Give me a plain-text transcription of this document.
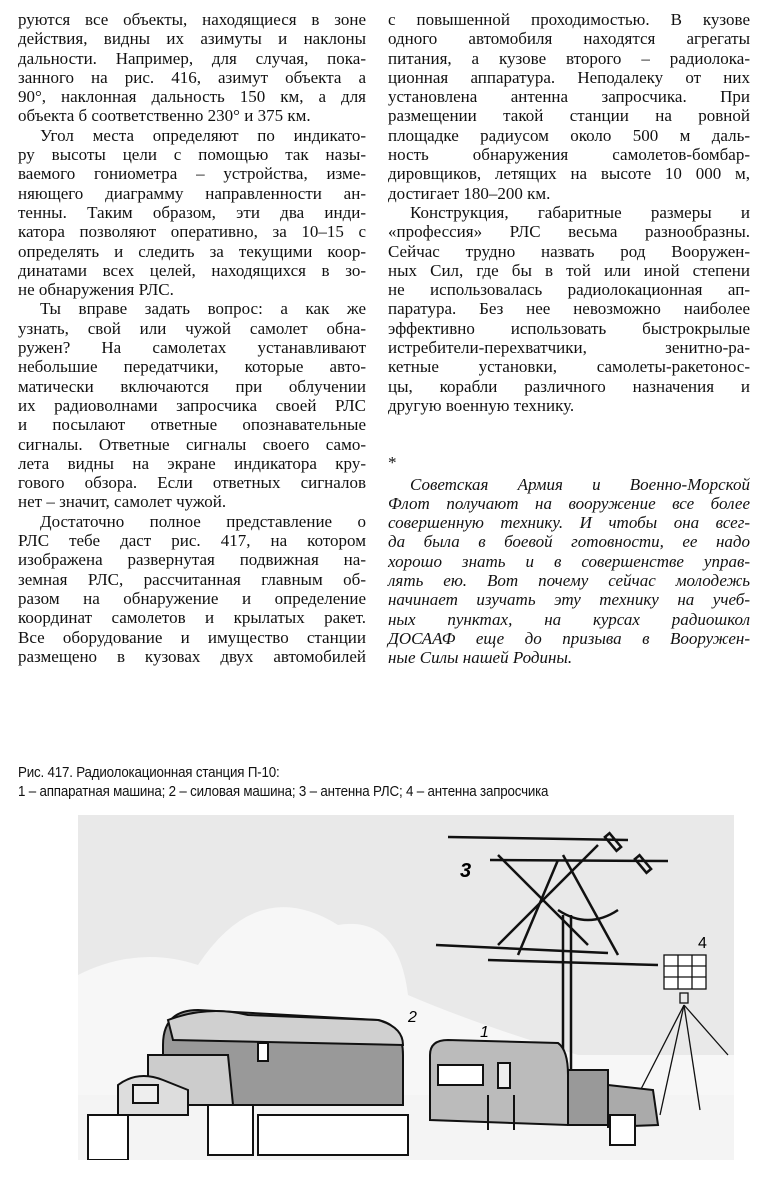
руются все объекты, находящиеся в зоне
действия, видны их азимуты и наклоны
дальности. Например, для случая, пока-
занного на рис. 416, азимут объекта а
90°, наклонная дальность 150 км, а для
объекта б соответственно 230° и 375 км.
Угол места определяют по индикато-
ру высоты цели с помощью так назы-
ваемого гониометра – устройства, изме-
няющего диаграмму направленности ан-
тенны. Таким образом, эти два инди-
катора позволяют оперативно, за 10–15 с
определять и следить за текущими коор-
динатами всех целей, находящихся в зо-
не обнаружения РЛС.
Ты вправе задать вопрос: а как же
узнать, свой или чужой самолет обна-
ружен? На самолетах устанавливают
небольшие передатчики, которые авто-
матически включаются при облучении
их радиоволнами запросчика своей РЛС
и посылают ответные опознавательные
сигналы. Ответные сигналы своего само-
лета видны на экране индикатора кру-
гового обзора. Если ответных сигналов
нет – значит, самолет чужой.
Достаточно полное представление о
РЛС тебе даст рис. 417, на котором
изображена развернутая подвижная на-
земная РЛС, рассчитанная главным об-
разом на обнаружение и определение
координат самолетов и крылатых ракет.
Все оборудование и имущество станции
размещено в кузовах двух автомобилей
с повышенной проходимостью. В кузове
одного автомобиля находятся агрегаты
питания, а кузове второго – радиолока-
ционная аппаратура. Неподалеку от них
установлена антенна запросчика. При
размещении такой станции на ровной
площадке радиусом около 500 м даль-
ность обнаружения самолетов-бомбар-
дировщиков, летящих на высоте 10 000 м,
достигает 180–200 км.
Конструкция, габаритные размеры и
«профессия» РЛС весьма разнообразны.
Сейчас трудно назвать род Вооружен-
ных Сил, где бы в той или иной степени
не использовалась радиолокационная ап-
паратура. Без нее невозможно наиболее
эффективно использовать быстрокрылые
истребители-перехватчики, зенитно-ра-
кетные установки, самолеты-ракетонос-
цы, корабли различного назначения и
другую военную технику.
*
Советская Армия и Военно-Морской
Флот получают на вооружение все более
совершенную технику. И чтобы она всег-
да была в боевой готовности, ее надо
хорошо знать и в совершенстве управ-
лять ею. Вот почему сейчас молодежь
начинает изучать эту технику на учеб-
ных пунктах, на курсах радиошкол
ДОСААФ еще до призыва в Вооружен-
ные Силы нашей Родины.
Рис. 417. Радиолокационная станция П-10:
1 – аппаратная машина; 2 – силовая машина; 3 – антенна РЛС; 4 – антенна запросчика
3
4
2
1
